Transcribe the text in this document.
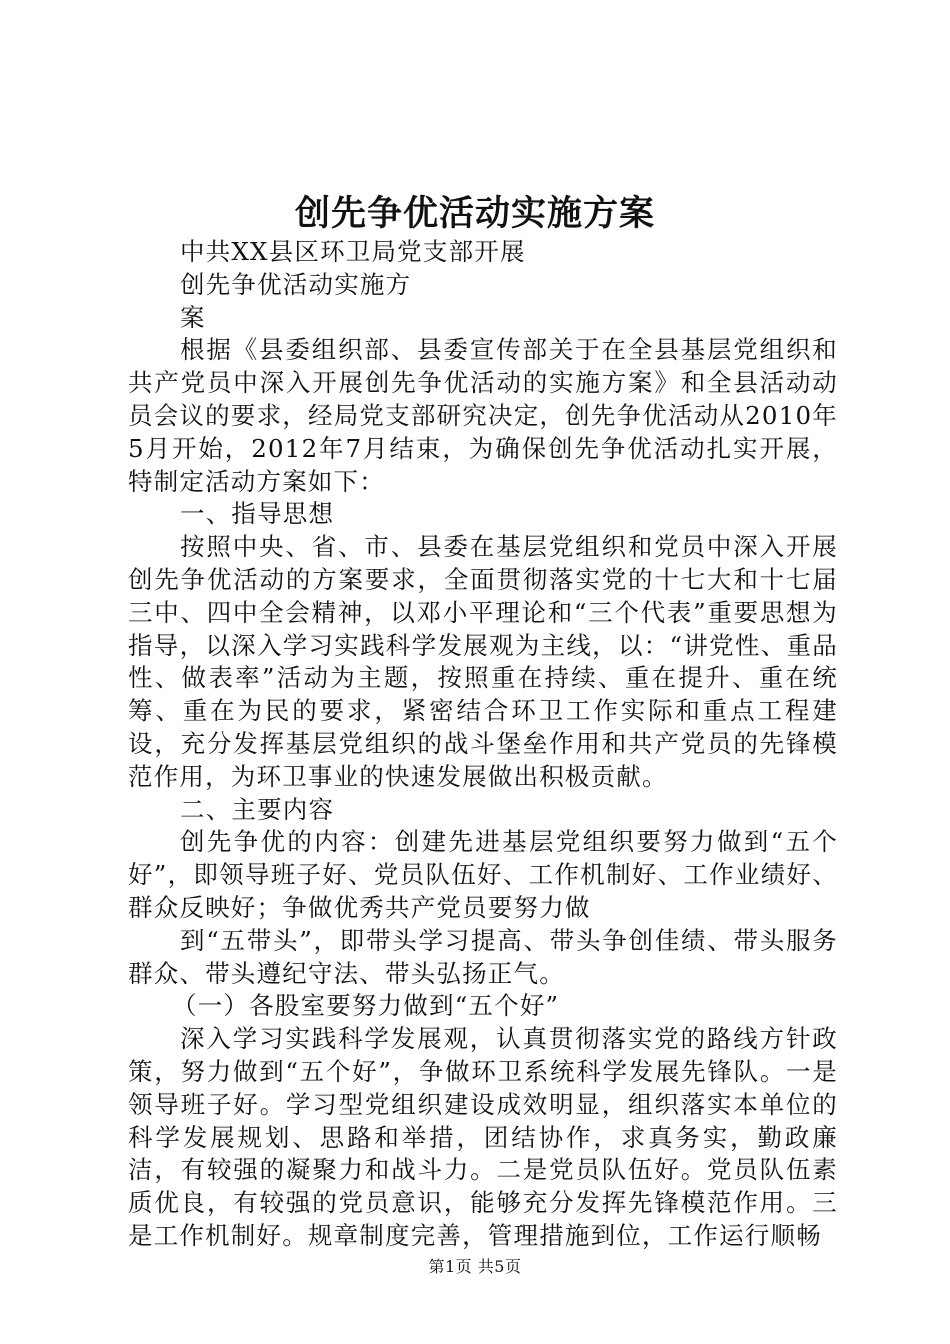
创先争优活动实施方案

中共XX县区环卫局党支部开展

创先争优活动实施方

案

根据《县委组织部、县委宣传部关于在全县基层党组织和共产党员中深入开展创先争优活动的实施方案》和全县活动动员会议的要求，经局党支部研究决定，创先争优活动从2010年5月开始，2012年7月结束，为确保创先争优活动扎实开展，特制定活动方案如下：

一、指导思想

按照中央、省、市、县委在基层党组织和党员中深入开展创先争优活动的方案要求，全面贯彻落实党的十七大和十七届三中、四中全会精神，以邓小平理论和“三个代表”重要思想为指导，以深入学习实践科学发展观为主线，以：“讲党性、重品性、做表率”活动为主题，按照重在持续、重在提升、重在统筹、重在为民的要求，紧密结合环卫工作实际和重点工程建设，充分发挥基层党组织的战斗堡垒作用和共产党员的先锋模范作用，为环卫事业的快速发展做出积极贡献。

二、主要内容

创先争优的内容：创建先进基层党组织要努力做到“五个好”，即领导班子好、党员队伍好、工作机制好、工作业绩好、群众反映好；争做优秀共产党员要努力做

到“五带头”，即带头学习提高、带头争创佳绩、带头服务群众、带头遵纪守法、带头弘扬正气。

（一）各股室要努力做到“五个好”

深入学习实践科学发展观，认真贯彻落实党的路线方针政策，努力做到“五个好”，争做环卫系统科学发展先锋队。一是领导班子好。学习型党组织建设成效明显，组织落实本单位的科学发展规划、思路和举措，团结协作，求真务实，勤政廉洁，有较强的凝聚力和战斗力。二是党员队伍好。党员队伍素质优良，有较强的党员意识，能够充分发挥先锋模范作用。三是工作机制好。规章制度完善，管理措施到位，工作运行顺畅

第1页 共5页
